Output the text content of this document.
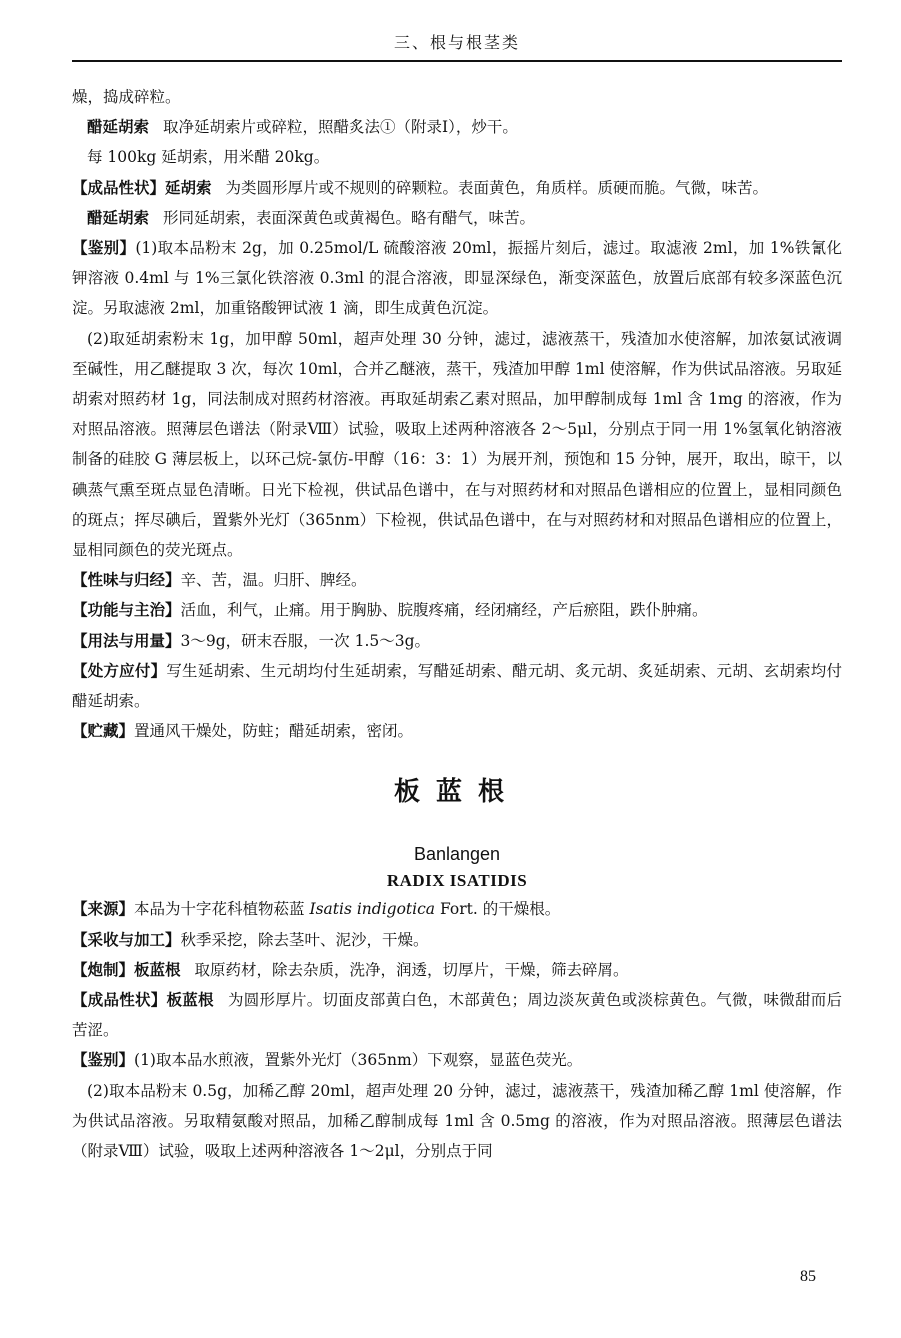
三、根与根茎类

燥，捣成碎粒。

醋延胡索 取净延胡索片或碎粒，照醋炙法①（附录Ⅰ），炒干。

每 100kg 延胡索，用米醋 20kg。

【成品性状】延胡索 为类圆形厚片或不规则的碎颗粒。表面黄色，角质样。质硬而脆。气微，味苦。

醋延胡索 形同延胡索，表面深黄色或黄褐色。略有醋气，味苦。

【鉴别】(1)取本品粉末 2g，加 0.25mol/L 硫酸溶液 20ml，振摇片刻后，滤过。取滤液 2ml，加 1%铁氰化钾溶液 0.4ml 与 1%三氯化铁溶液 0.3ml 的混合溶液，即显深绿色，渐变深蓝色，放置后底部有较多深蓝色沉淀。另取滤液 2ml，加重铬酸钾试液 1 滴，即生成黄色沉淀。

(2)取延胡索粉末 1g，加甲醇 50ml，超声处理 30 分钟，滤过，滤液蒸干，残渣加水使溶解，加浓氨试液调至碱性，用乙醚提取 3 次，每次 10ml，合并乙醚液，蒸干，残渣加甲醇 1ml 使溶解，作为供试品溶液。另取延胡索对照药材 1g，同法制成对照药材溶液。再取延胡索乙素对照品，加甲醇制成每 1ml 含 1mg 的溶液，作为对照品溶液。照薄层色谱法（附录Ⅷ）试验，吸取上述两种溶液各 2～5μl，分别点于同一用 1%氢氧化钠溶液制备的硅胶 G 薄层板上，以环己烷-氯仿-甲醇（16：3：1）为展开剂，预饱和 15 分钟，展开，取出，晾干，以碘蒸气熏至斑点显色清晰。日光下检视，供试品色谱中，在与对照药材和对照品色谱相应的位置上，显相同颜色的斑点；挥尽碘后，置紫外光灯（365nm）下检视，供试品色谱中，在与对照药材和对照品色谱相应的位置上，显相同颜色的荧光斑点。

【性味与归经】辛、苦，温。归肝、脾经。

【功能与主治】活血，利气，止痛。用于胸胁、脘腹疼痛，经闭痛经，产后瘀阻，跌仆肿痛。

【用法与用量】3～9g，研末吞服，一次 1.5～3g。

【处方应付】写生延胡索、生元胡均付生延胡索，写醋延胡索、醋元胡、炙元胡、炙延胡索、元胡、玄胡索均付醋延胡索。

【贮藏】置通风干燥处，防蛀；醋延胡索，密闭。

板蓝根
Banlangen
RADIX ISATIDIS

【来源】本品为十字花科植物菘蓝 Isatis indigotica Fort. 的干燥根。

【采收与加工】秋季采挖，除去茎叶、泥沙，干燥。

【炮制】板蓝根 取原药材，除去杂质，洗净，润透，切厚片，干燥，筛去碎屑。

【成品性状】板蓝根 为圆形厚片。切面皮部黄白色，木部黄色；周边淡灰黄色或淡棕黄色。气微，味微甜而后苦涩。

【鉴别】(1)取本品水煎液，置紫外光灯（365nm）下观察，显蓝色荧光。

(2)取本品粉末 0.5g，加稀乙醇 20ml，超声处理 20 分钟，滤过，滤液蒸干，残渣加稀乙醇 1ml 使溶解，作为供试品溶液。另取精氨酸对照品，加稀乙醇制成每 1ml 含 0.5mg 的溶液，作为对照品溶液。照薄层色谱法（附录Ⅷ）试验，吸取上述两种溶液各 1～2μl，分别点于同

85
